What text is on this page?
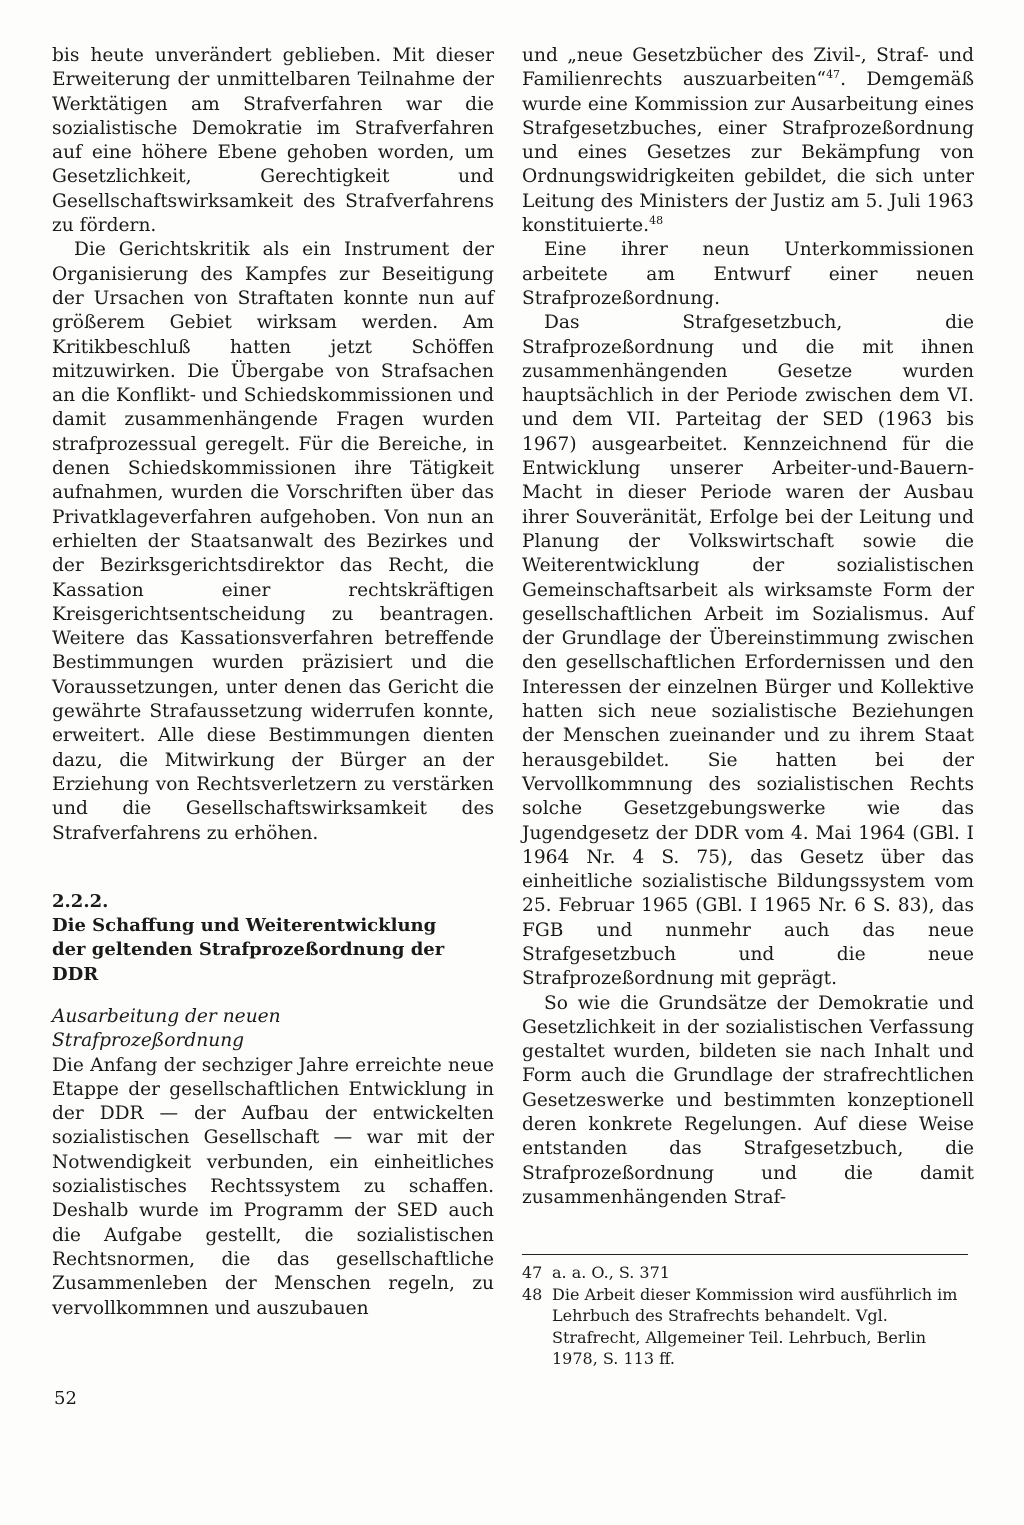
bis heute unverändert geblieben. Mit dieser Erweiterung der unmittelbaren Teilnahme der Werktätigen am Strafverfahren war die sozialistische Demokratie im Strafverfahren auf eine höhere Ebene gehoben worden, um Gesetzlichkeit, Gerechtigkeit und Gesellschaftswirksamkeit des Strafverfahrens zu fördern.

Die Gerichtskritik als ein Instrument der Organisierung des Kampfes zur Beseitigung der Ursachen von Straftaten konnte nun auf größerem Gebiet wirksam werden. Am Kritikbeschluß hatten jetzt Schöffen mitzuwirken. Die Übergabe von Strafsachen an die Konflikt- und Schiedskommissionen und damit zusammenhängende Fragen wurden strafprozessual geregelt. Für die Bereiche, in denen Schiedskommissionen ihre Tätigkeit aufnahmen, wurden die Vorschriften über das Privatklageverfahren aufgehoben. Von nun an erhielten der Staatsanwalt des Bezirkes und der Bezirksgerichtsdirektor das Recht, die Kassation einer rechtskräftigen Kreisgerichtsentscheidung zu beantragen. Weitere das Kassationsverfahren betreffende Bestimmungen wurden präzisiert und die Voraussetzungen, unter denen das Gericht die gewährte Strafaussetzung widerrufen konnte, erweitert. Alle diese Bestimmungen dienten dazu, die Mitwirkung der Bürger an der Erziehung von Rechtsverletzern zu verstärken und die Gesellschaftswirksamkeit des Strafverfahrens zu erhöhen.

2.2.2.
Die Schaffung und Weiterentwicklung
der geltenden Strafprozeßordnung der DDR
Ausarbeitung der neuen
Strafprozeßordnung

Die Anfang der sechziger Jahre erreichte neue Etappe der gesellschaftlichen Entwicklung in der DDR — der Aufbau der entwickelten sozialistischen Gesellschaft — war mit der Notwendigkeit verbunden, ein einheitliches sozialistisches Rechtssystem zu schaffen. Deshalb wurde im Programm der SED auch die Aufgabe gestellt, die sozialistischen Rechtsnormen, die das gesellschaftliche Zusammenleben der Menschen regeln, zu vervollkommnen und auszubauen

und „neue Gesetzbücher des Zivil-, Straf- und Familienrechts auszuarbeiten“$^{47}$. Demgemäß wurde eine Kommission zur Ausarbeitung eines Strafgesetzbuches, einer Strafprozeßordnung und eines Gesetzes zur Bekämpfung von Ordnungswidrigkeiten gebildet, die sich unter Leitung des Ministers der Justiz am 5. Juli 1963 konstituierte.$^{48}$

Eine ihrer neun Unterkommissionen arbeitete am Entwurf einer neuen Strafprozeßordnung.

Das Strafgesetzbuch, die Strafprozeßordnung und die mit ihnen zusammenhängenden Gesetze wurden hauptsächlich in der Periode zwischen dem VI. und dem VII. Parteitag der SED (1963 bis 1967) ausgearbeitet. Kennzeichnend für die Entwicklung unserer Arbeiter-und-Bauern-Macht in dieser Periode waren der Ausbau ihrer Souveränität, Erfolge bei der Leitung und Planung der Volkswirtschaft sowie die Weiterentwicklung der sozialistischen Gemeinschaftsarbeit als wirksamste Form der gesellschaftlichen Arbeit im Sozialismus. Auf der Grundlage der Übereinstimmung zwischen den gesellschaftlichen Erfordernissen und den Interessen der einzelnen Bürger und Kollektive hatten sich neue sozialistische Beziehungen der Menschen zueinander und zu ihrem Staat herausgebildet. Sie hatten bei der Vervollkommnung des sozialistischen Rechts solche Gesetzgebungswerke wie das Jugendgesetz der DDR vom 4. Mai 1964 (GBl. I 1964 Nr. 4 S. 75), das Gesetz über das einheitliche sozialistische Bildungssystem vom 25. Februar 1965 (GBl. I 1965 Nr. 6 S. 83), das FGB und nunmehr auch das neue Strafgesetzbuch und die neue Strafprozeßordnung mit geprägt.

So wie die Grundsätze der Demokratie und Gesetzlichkeit in der sozialistischen Verfassung gestaltet wurden, bildeten sie nach Inhalt und Form auch die Grundlage der strafrechtlichen Gesetzeswerke und bestimmten konzeptionell deren konkrete Regelungen. Auf diese Weise entstanden das Strafgesetzbuch, die Strafprozeßordnung und die damit zusammenhängenden Straf-

47 a. a. O., S. 371
48 Die Arbeit dieser Kommission wird ausführlich im Lehrbuch des Strafrechts behandelt. Vgl. Strafrecht, Allgemeiner Teil. Lehrbuch, Berlin 1978, S. 113 ff.
52
